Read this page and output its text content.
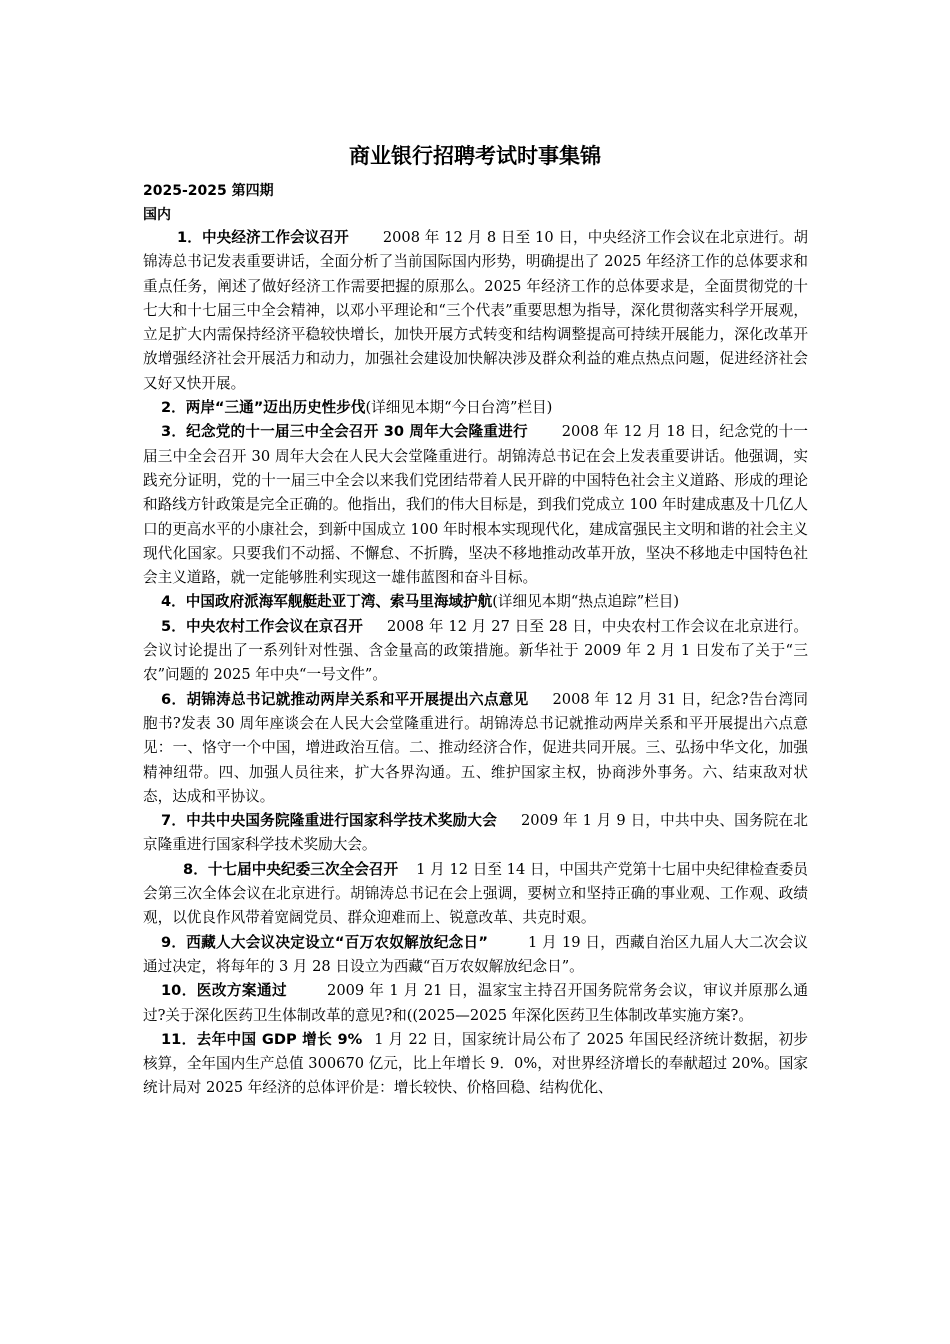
商业银行招聘考试时事集锦
2025-2025 第四期
国内

1．中央经济工作会议召开 2008 年 12 月 8 日至 10 日，中央经济工作会议在北京进行。胡锦涛总书记发表重要讲话，全面分析了当前国际国内形势，明确提出了 2025 年经济工作的总体要求和重点任务，阐述了做好经济工作需要把握的原那么。2025 年经济工作的总体要求是，全面贯彻党的十七大和十七届三中全会精神，以邓小平理论和“三个代表”重要思想为指导，深化贯彻落实科学开展观，立足扩大内需保持经济平稳较快增长，加快开展方式转变和结构调整提高可持续开展能力，深化改革开放增强经济社会开展活力和动力，加强社会建设加快解决涉及群众利益的难点热点问题，促进经济社会又好又快开展。

2．两岸“三通”迈出历史性步伐(详细见本期“今日台湾”栏目)

3．纪念党的十一届三中全会召开 30 周年大会隆重进行 2008 年 12 月 18 日，纪念党的十一届三中全会召开 30 周年大会在人民大会堂隆重进行。胡锦涛总书记在会上发表重要讲话。他强调，实践充分证明，党的十一届三中全会以来我们党团结带着人民开辟的中国特色社会主义道路、形成的理论和路线方针政策是完全正确的。他指出，我们的伟大目标是，到我们党成立 100 年时建成惠及十几亿人口的更高水平的小康社会，到新中国成立 100 年时根本实现现代化，建成富强民主文明和谐的社会主义现代化国家。只要我们不动摇、不懈怠、不折腾，坚决不移地推动改革开放，坚决不移地走中国特色社会主义道路，就一定能够胜利实现这一雄伟蓝图和奋斗目标。

4．中国政府派海军舰艇赴亚丁湾、索马里海域护航(详细见本期“热点追踪”栏目)

5．中央农村工作会议在京召开 2008 年 12 月 27 日至 28 日，中央农村工作会议在北京进行。会议讨论提出了一系列针对性强、含金量高的政策措施。新华社于 2009 年 2 月 1 日发布了关于“三农”问题的 2025 年中央“一号文件”。

6．胡锦涛总书记就推动两岸关系和平开展提出六点意见 2008 年 12 月 31 日，纪念?告台湾同胞书?发表 30 周年座谈会在人民大会堂隆重进行。胡锦涛总书记就推动两岸关系和平开展提出六点意见：一、恪守一个中国，增进政治互信。二、推动经济合作，促进共同开展。三、弘扬中华文化，加强精神纽带。四、加强人员往来，扩大各界沟通。五、维护国家主权，协商涉外事务。六、结束敌对状态，达成和平协议。

7．中共中央国务院隆重进行国家科学技术奖励大会 2009 年 1 月 9 日，中共中央、国务院在北京隆重进行国家科学技术奖励大会。

8．十七届中央纪委三次全会召开 1 月 12 日至 14 日，中国共产党第十七届中央纪律检查委员会第三次全体会议在北京进行。胡锦涛总书记在会上强调，要树立和坚持正确的事业观、工作观、政绩观，以优良作风带着宽阔党员、群众迎难而上、锐意改革、共克时艰。

9．西藏人大会议决定设立“百万农奴解放纪念日”	1 月 19 日，西藏自治区九届人大二次会议通过决定，将每年的 3 月 28 日设立为西藏“百万农奴解放纪念日”。

10．医改方案通过	2009 年 1 月 21 日，温家宝主持召开国务院常务会议，审议并原那么通过?关于深化医药卫生体制改革的意见?和((2025—2025 年深化医药卫生体制改革实施方案?。

11．去年中国 GDP 增长 9% 1 月 22 日，国家统计局公布了 2025 年国民经济统计数据，初步核算，全年国内生产总值 300670 亿元，比上年增长 9．0%，对世界经济增长的奉献超过 20%。国家统计局对 2025 年经济的总体评价是：增长较快、价格回稳、结构优化、
